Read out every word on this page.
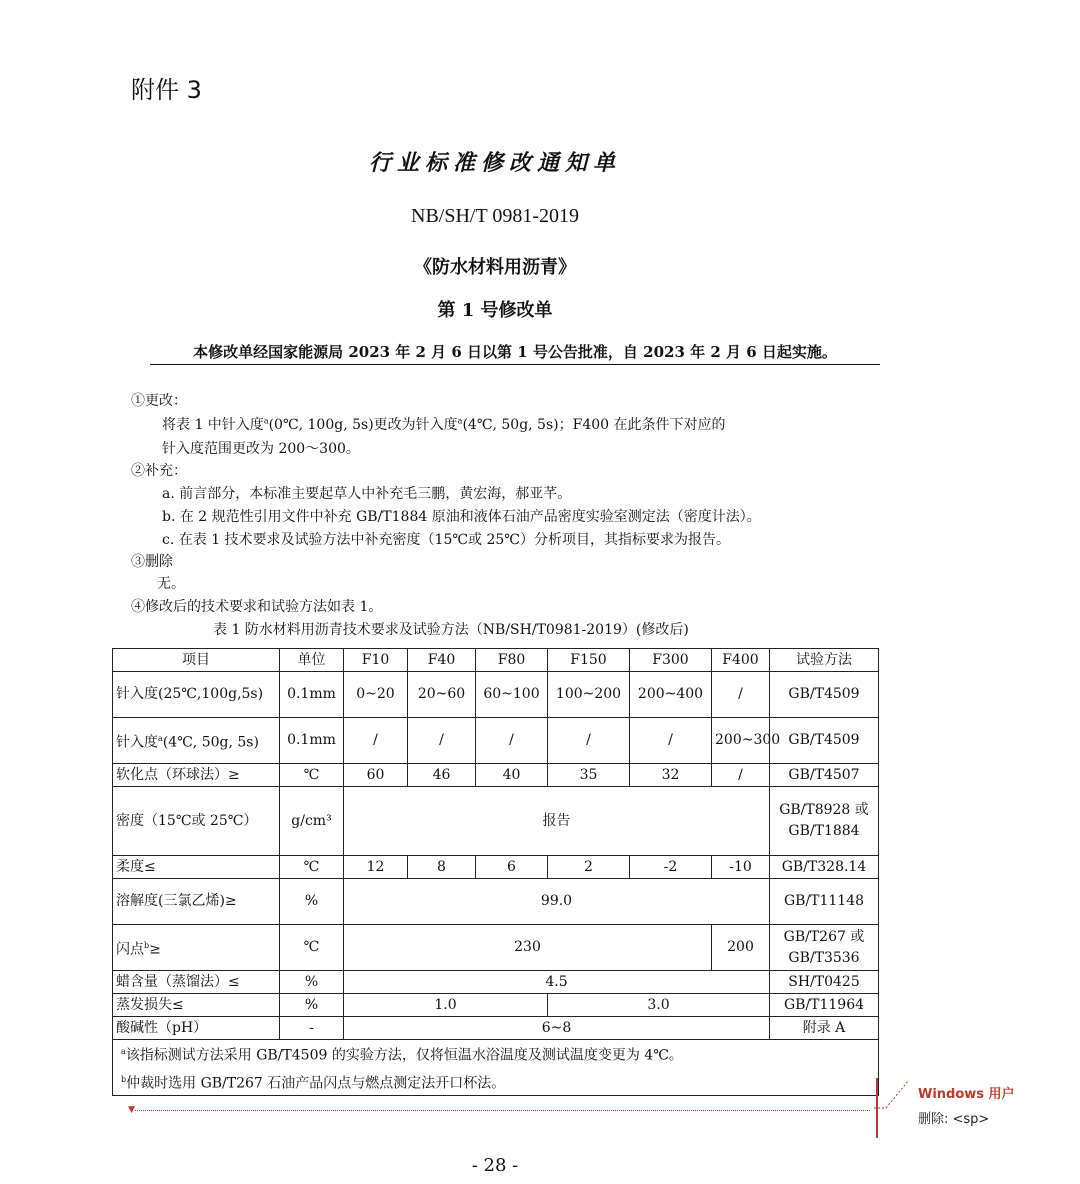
附件 3
行业标准修改通知单
NB/SH/T 0981-2019
《防水材料用沥青》
第 1 号修改单
本修改单经国家能源局 2023 年 2 月 6 日以第 1 号公告批准，自 2023 年 2 月 6 日起实施。
①更改：
将表 1 中针入度$^a$(0℃, 100g, 5s)更改为针入度$^a$(4℃, 50g, 5s)；F400 在此条件下对应的
针入度范围更改为 200～300。
②补充：
a. 前言部分，本标准主要起草人中补充毛三鹏，黄宏海，郝亚芊。
b. 在 2 规范性引用文件中补充 GB/T1884 原油和液体石油产品密度实验室测定法（密度计法）。
c. 在表 1 技术要求及试验方法中补充密度（15℃或 25℃）分析项目，其指标要求为报告。
③删除
无。
④修改后的技术要求和试验方法如表 1。
表 1 防水材料用沥青技术要求及试验方法（NB/SH/T0981-2019）(修改后)
项目	单位	F10	F40	F80	F150	F300	F400	试验方法
针入度(25℃,100g,5s)	0.1mm	0~20	20~60	60~100	100~200	200~400	/	GB/T4509
针入度$^a$(4℃, 50g, 5s)	0.1mm	/	/	/	/	/	200~300	GB/T4509
软化点（环球法）≥	℃	60	46	40	35	32	/	GB/T4507
密度（15℃或 25℃）	g/cm³	报告						GB/T8928 或 GB/T1884
柔度≤	℃	12	8	6	2	-2	-10	GB/T328.14
溶解度(三氯乙烯)≥	%	99.0						GB/T11148
闪点$^b$≥	℃	230					200	GB/T267 或 GB/T3536
蜡含量（蒸馏法）≤	%	4.5						SH/T0425
蒸发损失≤	%	1.0			3.0			GB/T11964
酸碱性（pH）	-	6~8						附录 A

$^a$该指标测试方法采用 GB/T4509 的实验方法，仅将恒温水浴温度及测试温度变更为 4℃。
$^b$仲裁时选用 GB/T267 石油产品闪点与燃点测定法开口杯法。								
▼
Windows 用户
删除: <sp>
- 28 -
